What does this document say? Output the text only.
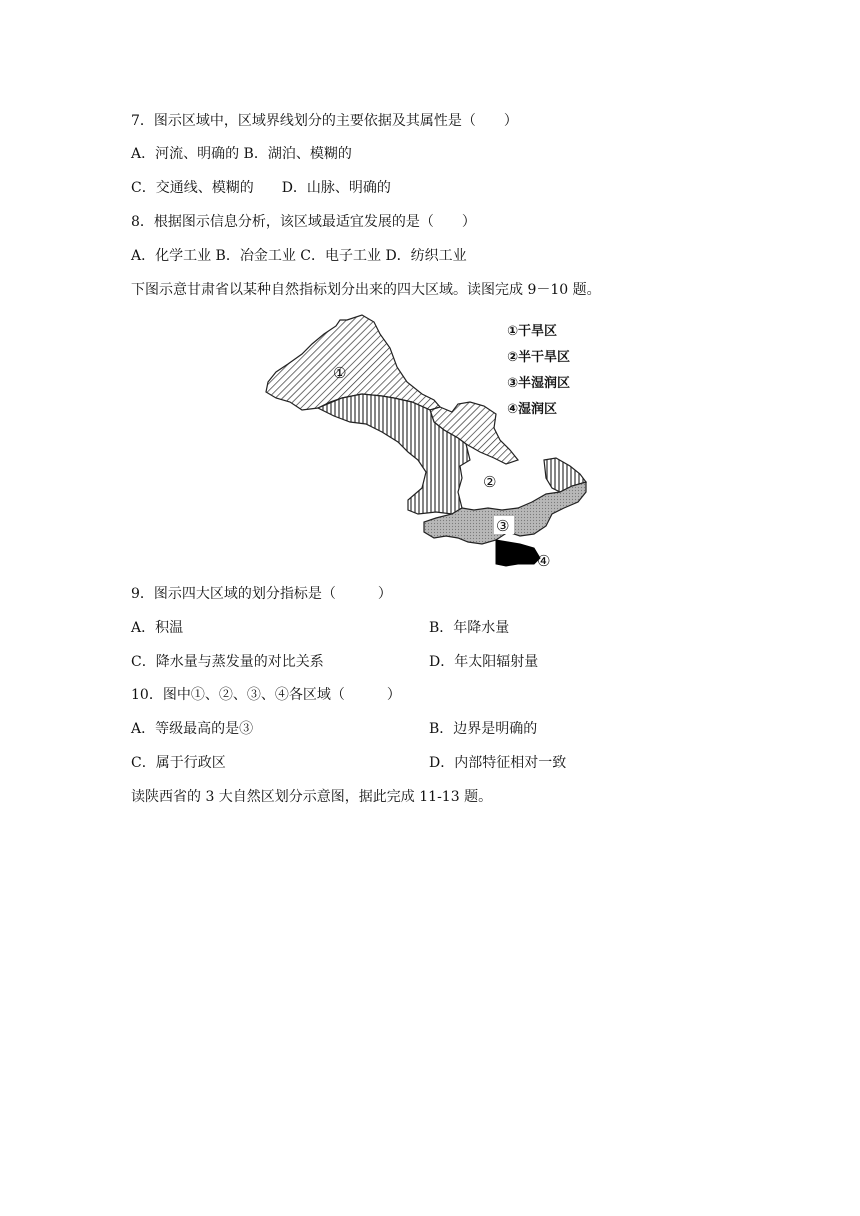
7．图示区域中，区域界线划分的主要依据及其属性是（　　）
A．河流、明确的 B．湖泊、模糊的
C．交通线、模糊的　　D．山脉、明确的
8．根据图示信息分析，该区域最适宜发展的是（　　）
A．化学工业 B．冶金工业 C．电子工业 D．纺织工业
下图示意甘肃省以某种自然指标划分出来的四大区域。读图完成 9－10 题。
①
②
③
④
①干旱区
②半干旱区
③半湿润区
④湿润区
9．图示四大区域的划分指标是（　　　）
A．积温	B．年降水量
C．降水量与蒸发量的对比关系	D．年太阳辐射量
10．图中①、②、③、④各区域（　　　）
A．等级最高的是③	B．边界是明确的
C．属于行政区	D．内部特征相对一致
读陕西省的 3 大自然区划分示意图，据此完成 11-13 题。
